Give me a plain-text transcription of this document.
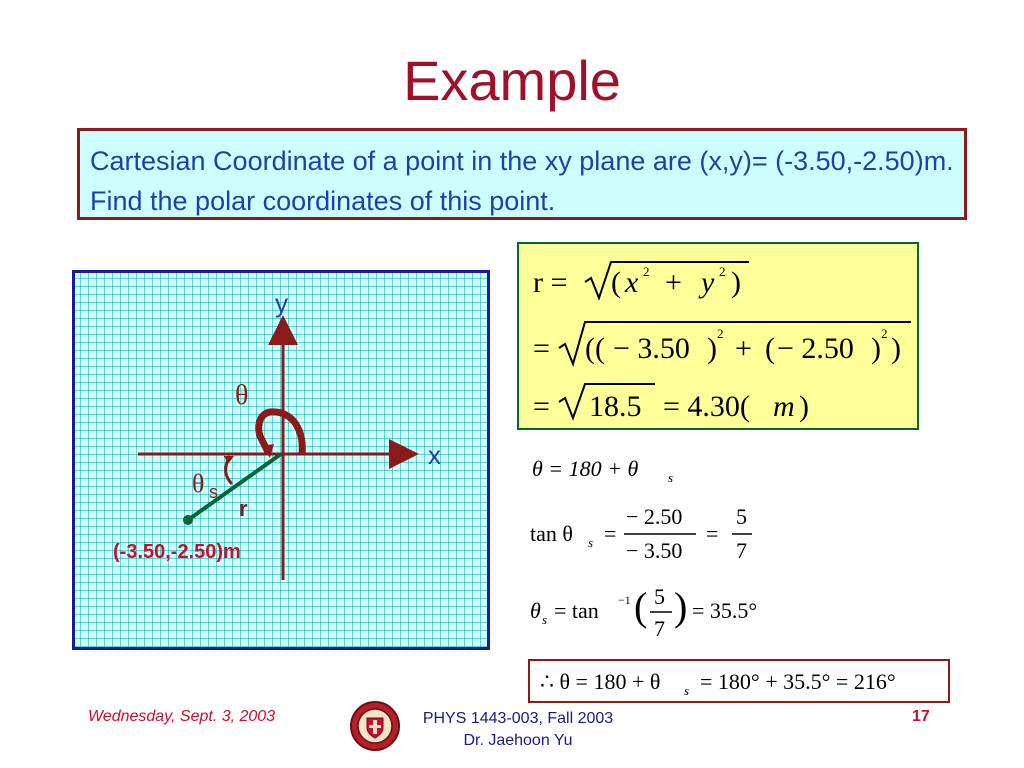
Example
Cartesian Coordinate of a point in the xy plane are (x,y)= (-3.50,-2.50)m. Find the polar coordinates of this point.
y
x
θ
θ s
r
(-3.50,-2.50)m
r = ( x 2 + y 2 )
= (( − 3.50 ) 2 + ( − 2.50 ) 2 )
= 18.5 = 4.30( m )
θ = 180 + θ s
tan θ s =
− 2.50
− 3.50
=
5
7
θ s = tan −1 ( 5
7 ) = 35.5°
∴ θ = 180 + θ s = 180° + 35.5° = 216°
Wednesday, Sept. 3, 2003	PHYS 1443-003, Fall 2003
Dr. Jaehoon Yu
17
